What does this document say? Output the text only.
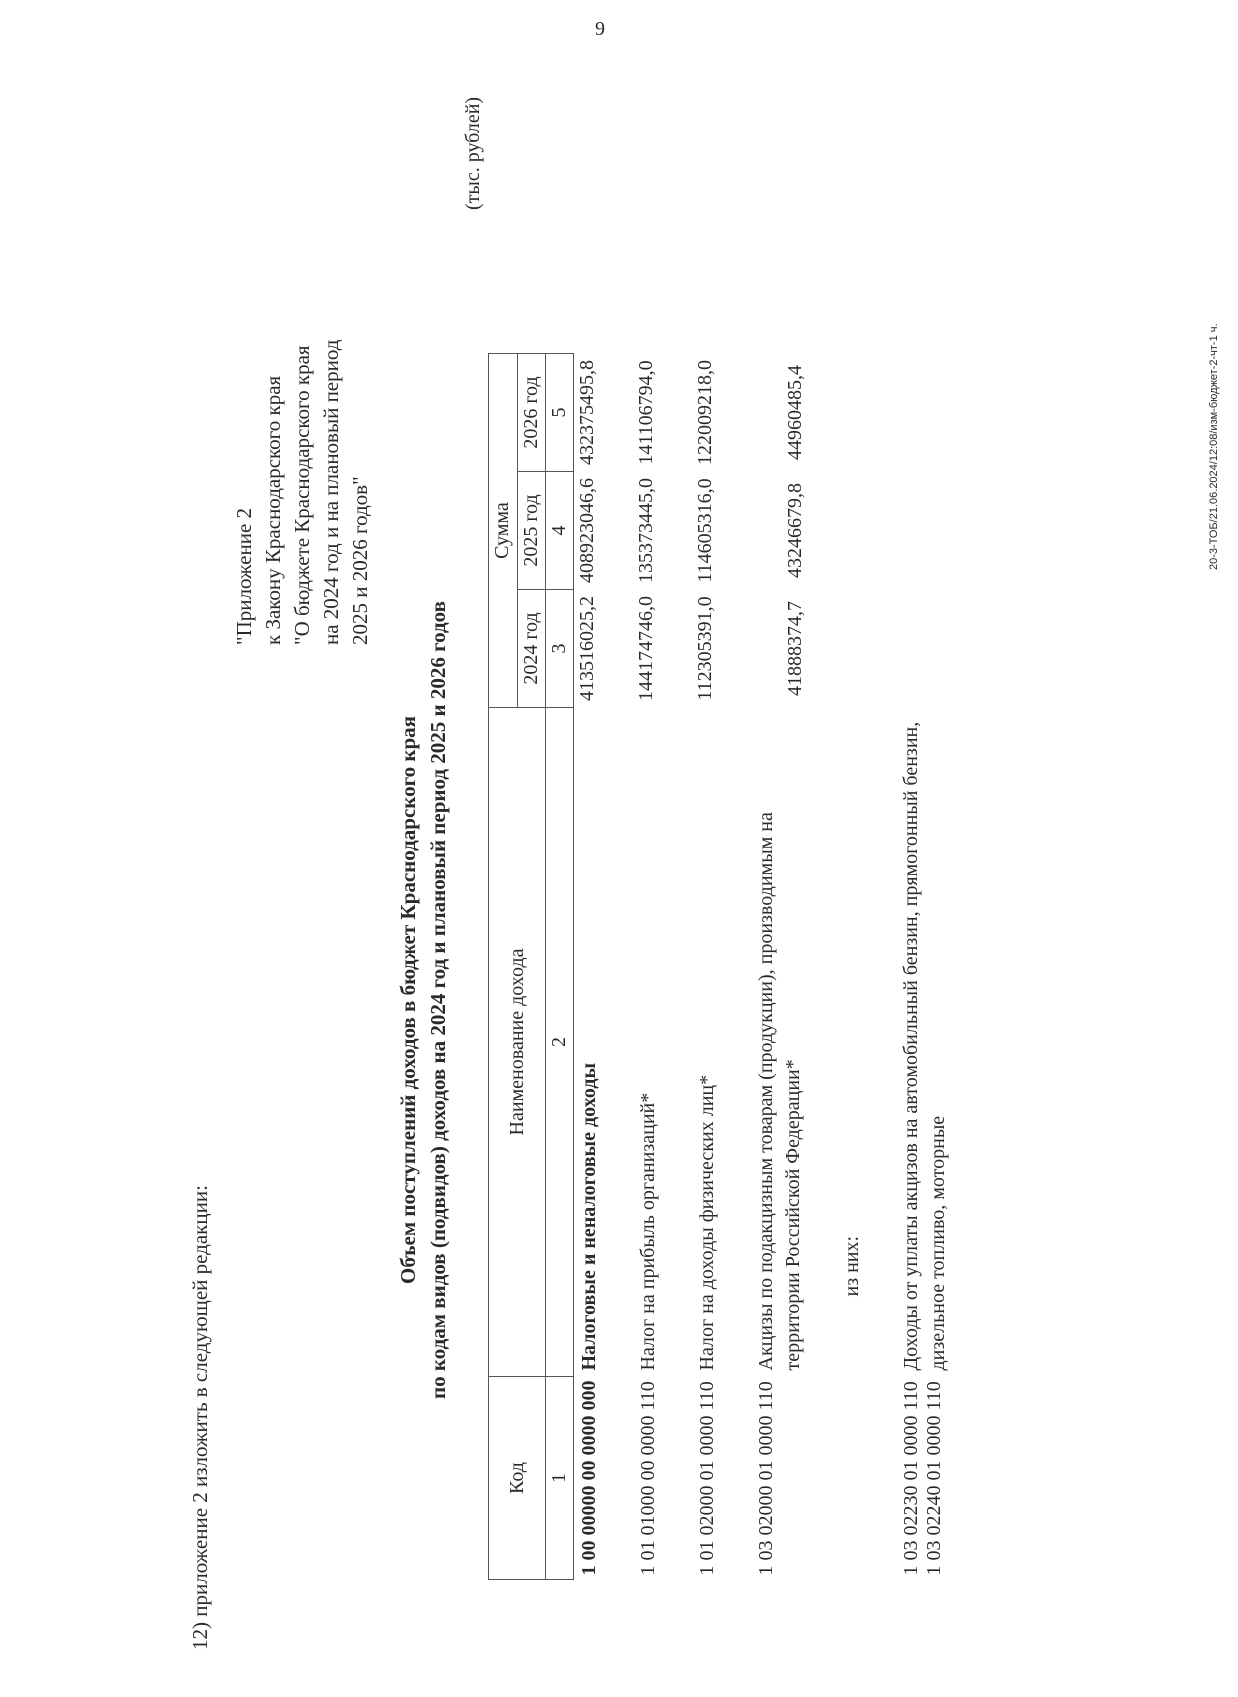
9
12) приложение 2 изложить в следующей редакции:
"Приложение 2 к Закону Краснодарского края "О бюджете Краснодарского края на 2024 год и на плановый период 2025 и 2026 годов"
Объем поступлений доходов в бюджет Краснодарского края по кодам видов (подвидов) доходов на 2024 год и плановый период 2025 и 2026 годов
(тыс. рублей)
Код	Наименование дохода	Сумма		
		2024 год	2025 год	2026 год
1	2	3	4	5
1 00 00000 00 0000 000	Налоговые и неналоговые доходы	413516025,2	408923046,6	432375495,8

1 01 01000 00 0000 110	Налог на прибыль организаций*	144174746,0	135373445,0	141106794,0

1 01 02000 01 0000 110	Налог на доходы физических лиц*	112305391,0	114605316,0	122009218,0

1 03 02000 01 0000 110	Акцизы по подакцизным товарам (продукции), производимым на территории Российской Федерации*	41888374,7	43246679,8	44960485,4

	из них:			

1 03 02230 01 0000 110 1 03 02240 01 0000 110	Доходы от уплаты акцизов на автомобильный бензин, прямогонный бензин, дизельное топливо, моторные			
20-3-ТОБ/21.06.2024/12:08/изм-бюджет-2-чт-1 ч.
